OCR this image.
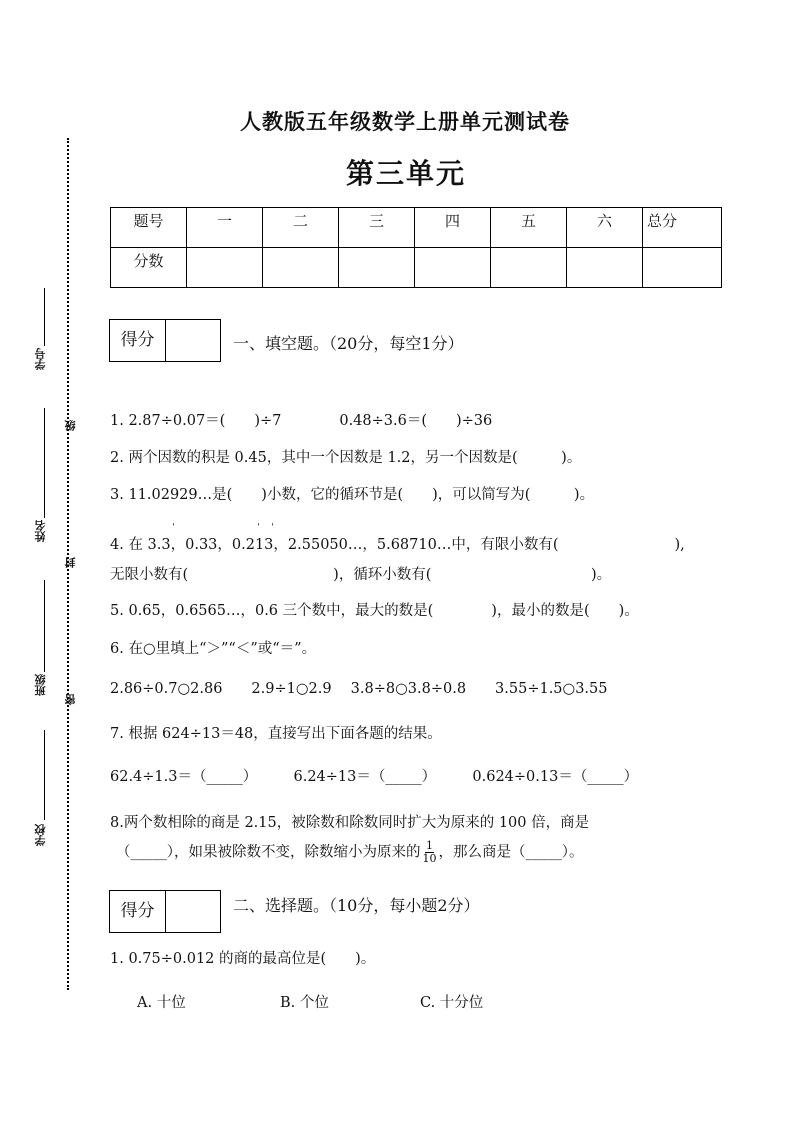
人教版五年级数学上册单元测试卷
第三单元
题号	一	二	三	四	五	六	总分
分数							
学号
级
姓名
封
班级
密
学校
得分	一、填空题。（20分，每空1分）
1. 2.87÷0.07＝(　　)÷7　　　　0.48÷3.6＝(　　)÷36
2. 两个因数的积是 0.45，其中一个因数是 1.2，另一个因数是(　　　)。
3. 11.02929…是(　　)小数，它的循环节是(　　)，可以简写为(　　　)。
ˈ	ˈ ˈ
4. 在 3.3，0.33，0.213，2.55050…，5.68710…中，有限小数有(　　　　　　　　),
无限小数有(　　　　　　　　　　)，循环小数有(　　　　　　　　　　　)。
5. 0.65，0.6565…，0.6 三个数中，最大的数是(　　　　)，最小的数是(　　)。
6. 在○里填上“＞”“＜”或“＝”。
2.86÷0.7○2.86　　2.9÷1○2.9　 3.8÷8○3.8÷0.8　　3.55÷1.5○3.55
7. 根据 624÷13＝48，直接写出下面各题的结果。
62.4÷1.3＝（_____）　　　6.24÷13＝（_____）　　　0.624÷0.13＝（_____）
8.两个数相除的商是 2.15，被除数和除数同时扩大为原来的 100 倍，商是
（_____），如果被除数不变，除数缩小为原来的 $\frac{1}{10}$ ，那么商是（_____）。
得分	二、选择题。（10分，每小题2分）
1. 0.75÷0.012 的商的最高位是(　　)。
A. 十位	B. 个位	C. 十分位
